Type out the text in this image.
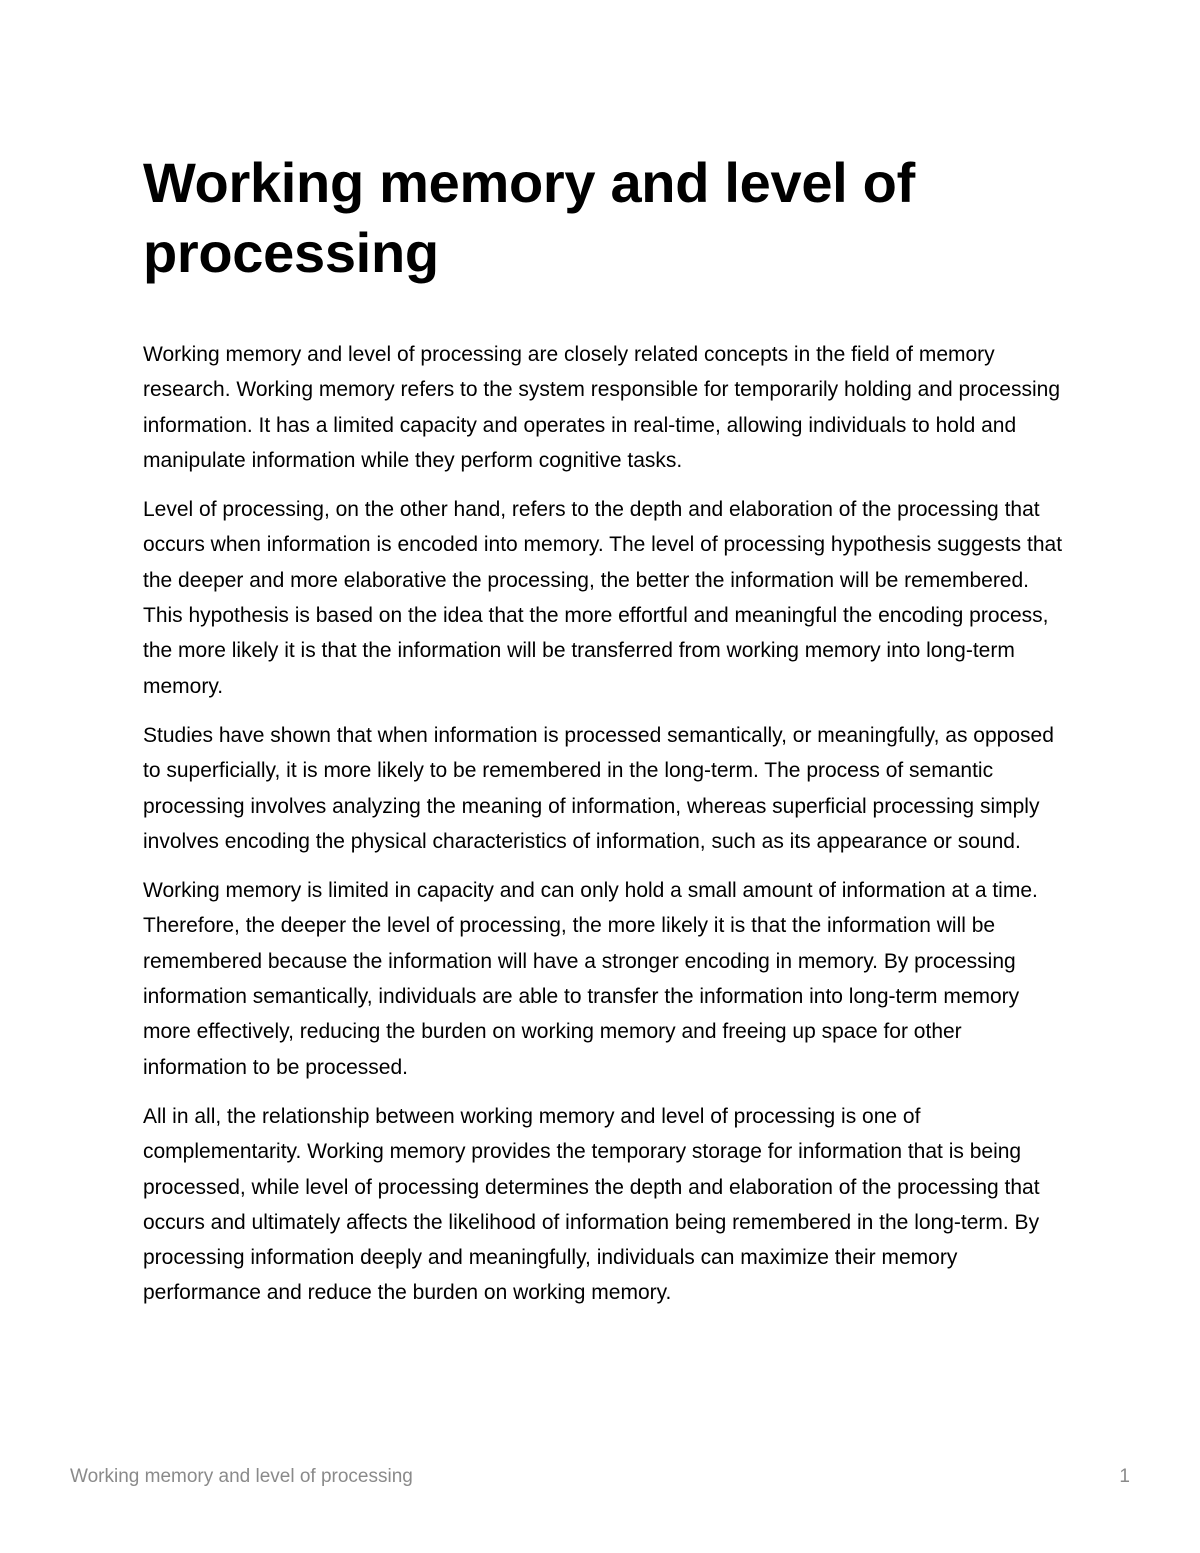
Working memory and level of processing

Working memory and level of processing are closely related concepts in the field of memory research. Working memory refers to the system responsible for temporarily holding and processing information. It has a limited capacity and operates in real-time, allowing individuals to hold and manipulate information while they perform cognitive tasks.

Level of processing, on the other hand, refers to the depth and elaboration of the processing that occurs when information is encoded into memory. The level of processing hypothesis suggests that the deeper and more elaborative the processing, the better the information will be remembered. This hypothesis is based on the idea that the more effortful and meaningful the encoding process, the more likely it is that the information will be transferred from working memory into long-term memory.

Studies have shown that when information is processed semantically, or meaningfully, as opposed to superficially, it is more likely to be remembered in the long-term. The process of semantic processing involves analyzing the meaning of information, whereas superficial processing simply involves encoding the physical characteristics of information, such as its appearance or sound.

Working memory is limited in capacity and can only hold a small amount of information at a time. Therefore, the deeper the level of processing, the more likely it is that the information will be remembered because the information will have a stronger encoding in memory. By processing information semantically, individuals are able to transfer the information into long-term memory more effectively, reducing the burden on working memory and freeing up space for other information to be processed.

All in all, the relationship between working memory and level of processing is one of complementarity. Working memory provides the temporary storage for information that is being processed, while level of processing determines the depth and elaboration of the processing that occurs and ultimately affects the likelihood of information being remembered in the long-term. By processing information deeply and meaningfully, individuals can maximize their memory performance and reduce the burden on working memory.

Working memory and level of processing	1
